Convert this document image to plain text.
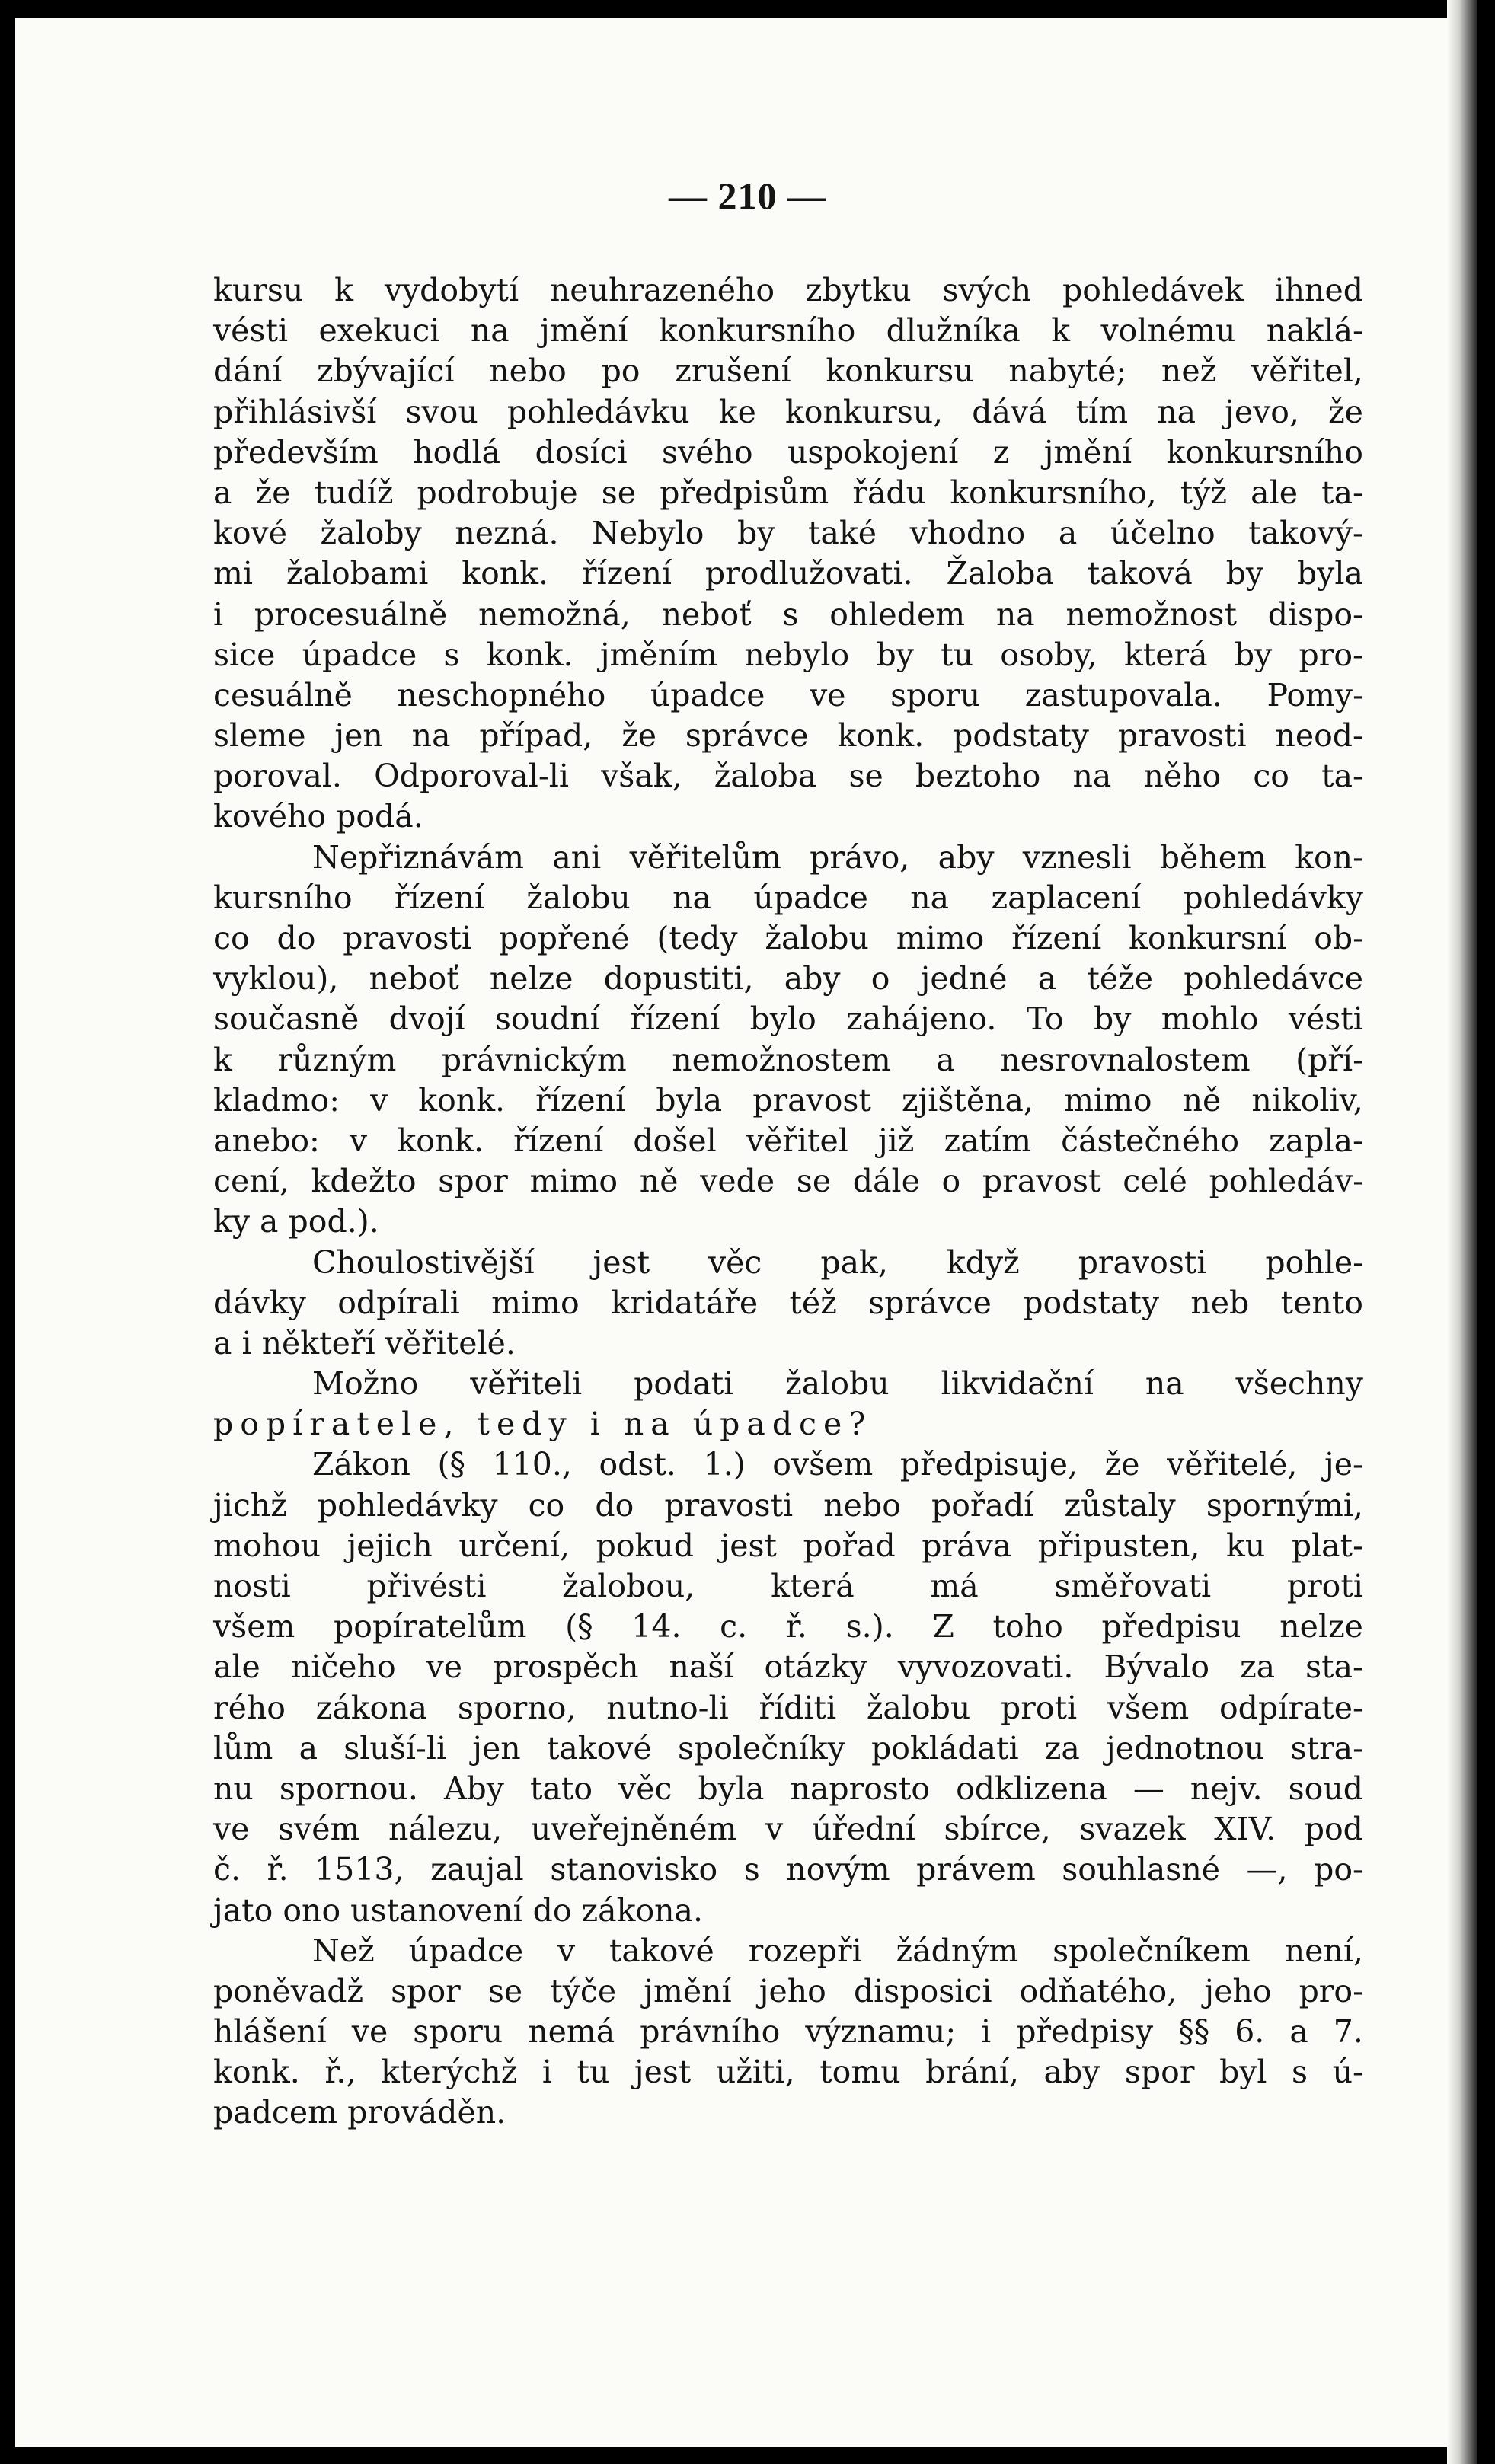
— 210 —
kursu k vydobytí neuhrazeného zbytku svých pohledávek ihned
vésti exekuci na jmění konkursního dlužníka k volnému naklá-
dání zbývající nebo po zrušení konkursu nabyté; než věřitel,
přihlásivší svou pohledávku ke konkursu, dává tím na jevo, že
především hodlá dosíci svého uspokojení z jmění konkursního
a že tudíž podrobuje se předpisům řádu konkursního, týž ale ta-
kové žaloby nezná. Nebylo by také vhodno a účelno takový-
mi žalobami konk. řízení prodlužovati. Žaloba taková by byla
i procesuálně nemožná, neboť s ohledem na nemožnost dispo-
sice úpadce s konk. jměním nebylo by tu osoby, která by pro-
cesuálně neschopného úpadce ve sporu zastupovala. Pomy-
sleme jen na případ, že správce konk. podstaty pravosti neod-
poroval. Odporoval-li však, žaloba se beztoho na něho co ta-
kového podá.
Nepřiznávám ani věřitelům právo, aby vznesli během kon-
kursního řízení žalobu na úpadce na zaplacení pohledávky
co do pravosti popřené (tedy žalobu mimo řízení konkursní ob-
vyklou), neboť nelze dopustiti, aby o jedné a téže pohledávce
současně dvojí soudní řízení bylo zahájeno. To by mohlo vésti
k různým právnickým nemožnostem a nesrovnalostem (pří-
kladmo: v konk. řízení byla pravost zjištěna, mimo ně nikoliv,
anebo: v konk. řízení došel věřitel již zatím částečného zapla-
cení, kdežto spor mimo ně vede se dále o pravost celé pohledáv-
ky a pod.).
Choulostivější jest věc pak, když pravosti pohle-
dávky odpírali mimo kridatáře též správce podstaty neb tento
a i někteří věřitelé.
Možno věřiteli podati žalobu likvidační na všechny
popíratele, tedy i na úpadce?
Zákon (§ 110., odst. 1.) ovšem předpisuje, že věřitelé, je-
jichž pohledávky co do pravosti nebo pořadí zůstaly spornými,
mohou jejich určení, pokud jest pořad práva připusten, ku plat-
nosti přivésti žalobou, která má směřovati proti
všem popíratelům (§ 14. c. ř. s.). Z toho předpisu nelze
ale ničeho ve prospěch naší otázky vyvozovati. Bývalo za sta-
rého zákona sporno, nutno-li říditi žalobu proti všem odpírate-
lům a sluší-li jen takové společníky pokládati za jednotnou stra-
nu spornou. Aby tato věc byla naprosto odklizena — nejv. soud
ve svém nálezu, uveřejněném v úřední sbírce, svazek XIV. pod
č. ř. 1513, zaujal stanovisko s novým právem souhlasné —, po-
jato ono ustanovení do zákona.
Než úpadce v takové rozepři žádným společníkem není,
poněvadž spor se týče jmění jeho disposici odňatého, jeho pro-
hlášení ve sporu nemá právního významu; i předpisy §§ 6. a 7.
konk. ř., kterýchž i tu jest užiti, tomu brání, aby spor byl s ú-
padcem prováděn.
